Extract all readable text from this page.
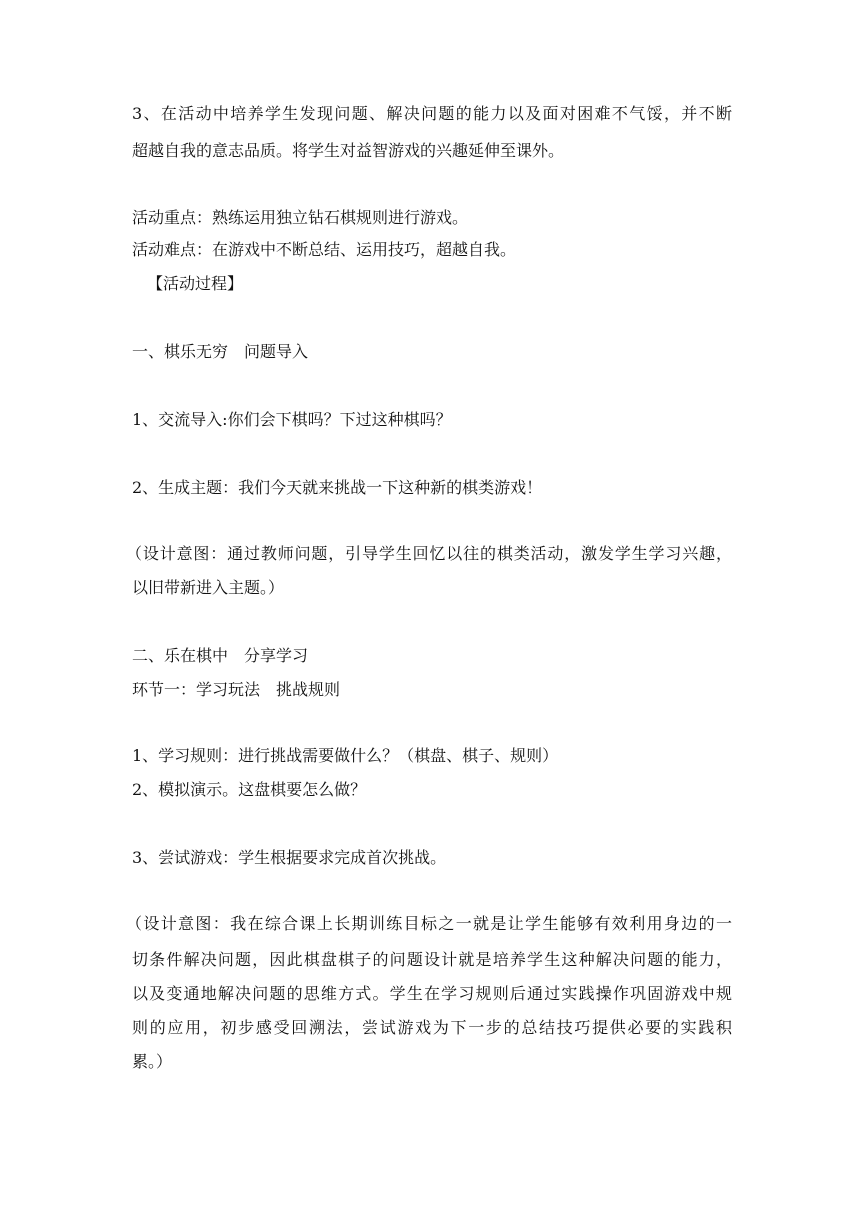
3、在活动中培养学生发现问题、解决问题的能力以及面对困难不气馁，并不断
超越自我的意志品质。将学生对益智游戏的兴趣延伸至课外。
活动重点：熟练运用独立钻石棋规则进行游戏。
活动难点：在游戏中不断总结、运用技巧，超越自我。
【活动过程】
一、棋乐无穷　问题导入
1、交流导入:你们会下棋吗？下过这种棋吗？
2、生成主题：我们今天就来挑战一下这种新的棋类游戏！
（设计意图：通过教师问题，引导学生回忆以往的棋类活动，激发学生学习兴趣，
以旧带新进入主题。）
二、乐在棋中　分享学习
环节一：学习玩法　挑战规则
1、学习规则：进行挑战需要做什么？（棋盘、棋子、规则）
2、模拟演示。这盘棋要怎么做？
3、尝试游戏：学生根据要求完成首次挑战。
（设计意图：我在综合课上长期训练目标之一就是让学生能够有效利用身边的一
切条件解决问题，因此棋盘棋子的问题设计就是培养学生这种解决问题的能力，
以及变通地解决问题的思维方式。学生在学习规则后通过实践操作巩固游戏中规
则的应用，初步感受回溯法，尝试游戏为下一步的总结技巧提供必要的实践积
累。）
